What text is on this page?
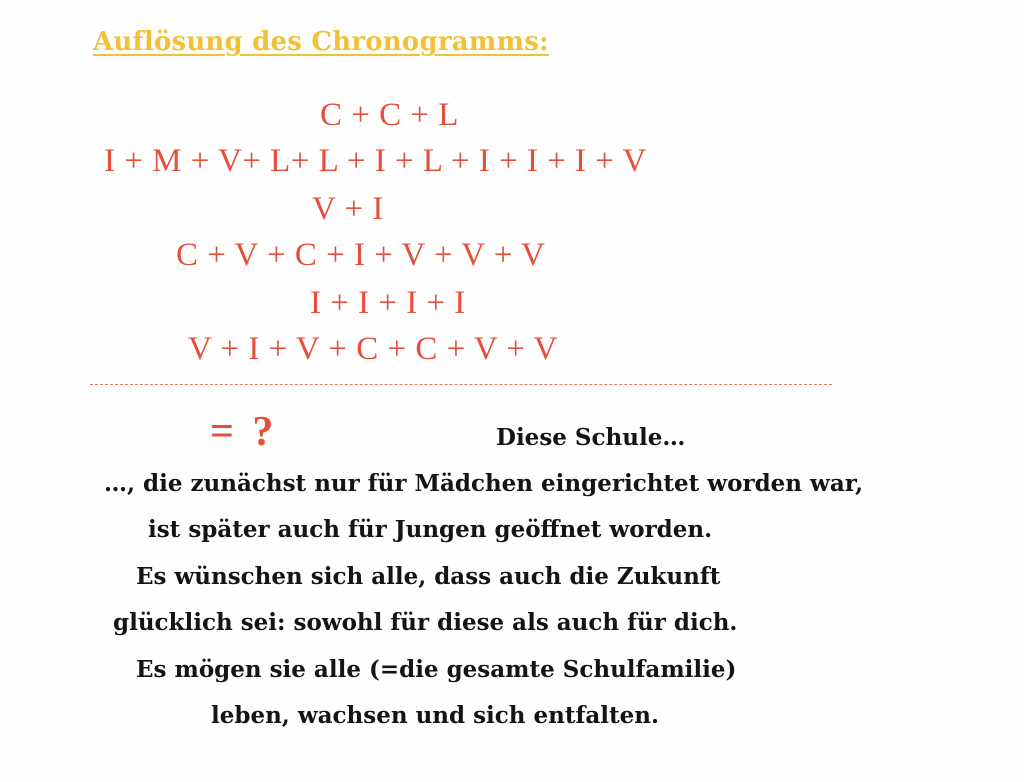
Auflösung des Chronogramms:

C + C + L

I + M + V+ L+ L + I + L + I + I + I + V

V + I

C + V + C + I + V + V + V

I + I + I + I

V + I + V + C + C + V + V

= ?	Diese Schule…

…, die zunächst nur für Mädchen eingerichtet worden war,

ist später auch für Jungen geöffnet worden.

Es wünschen sich alle, dass auch die Zukunft

glücklich sei: sowohl für diese als auch für dich.

Es mögen sie alle (=die gesamte Schulfamilie)

leben, wachsen und sich entfalten.
